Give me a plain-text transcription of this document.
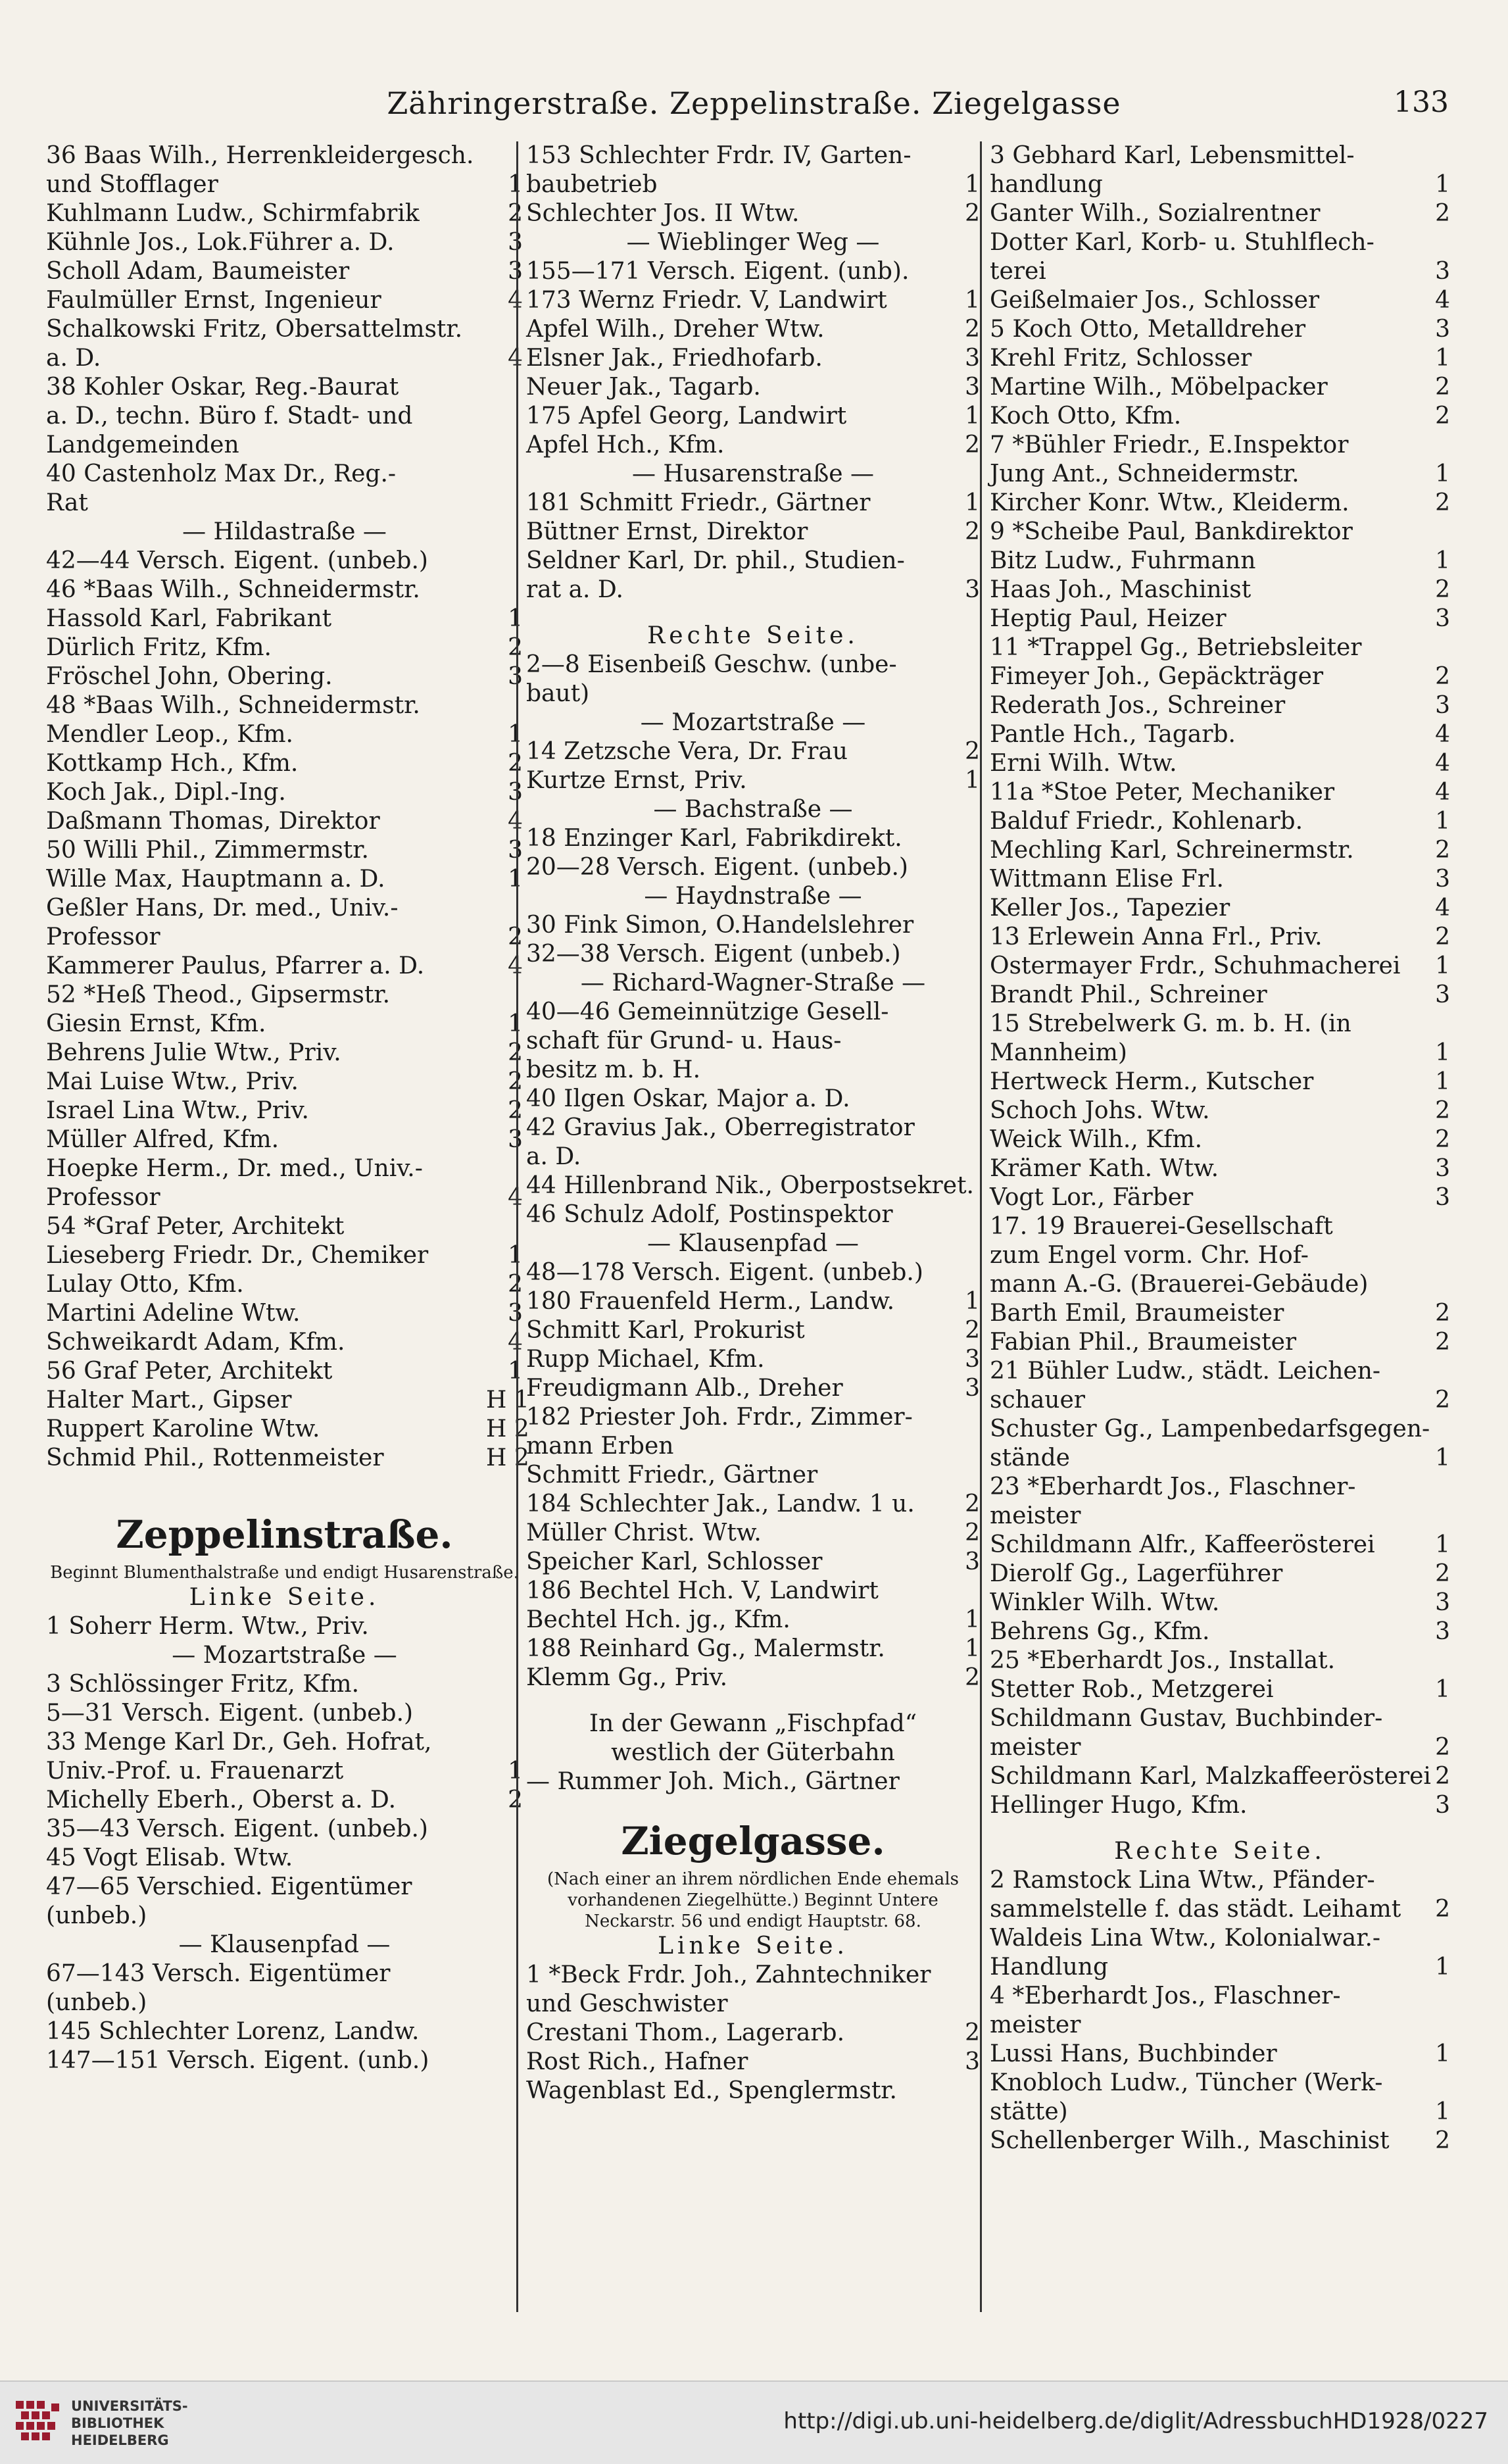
Zähringerstraße. Zeppelinstraße. Ziegelgasse	133
36 Baas Wilh., Herrenkleidergesch.
und Stofflager	1
Kuhlmann Ludw., Schirmfabrik	2
Kühnle Jos., Lok.Führer a. D.	3
Scholl Adam, Baumeister	3
Faulmüller Ernst, Ingenieur	4
Schalkowski Fritz, Obersattelmstr.
a. D.	4
38 Kohler Oskar, Reg.-Baurat
a. D., techn. Büro f. Stadt- und
Landgemeinden
40 Castenholz Max Dr., Reg.-
Rat
— Hildastraße —
42—44 Versch. Eigent. (unbeb.)
46 *Baas Wilh., Schneidermstr.
Hassold Karl, Fabrikant	1
Dürlich Fritz, Kfm.	2
Fröschel John, Obering.	3
48 *Baas Wilh., Schneidermstr.
Mendler Leop., Kfm.	1
Kottkamp Hch., Kfm.	2
Koch Jak., Dipl.-Ing.	3
Daßmann Thomas, Direktor	4
50 Willi Phil., Zimmermstr.	3
Wille Max, Hauptmann a. D.	1
Geßler Hans, Dr. med., Univ.-
Professor	2
Kammerer Paulus, Pfarrer a. D.	4
52 *Heß Theod., Gipsermstr.
Giesin Ernst, Kfm.	1
Behrens Julie Wtw., Priv.	2
Mai Luise Wtw., Priv.	2
Israel Lina Wtw., Priv.	2
Müller Alfred, Kfm.	3
Hoepke Herm., Dr. med., Univ.-
Professor	4
54 *Graf Peter, Architekt
Lieseberg Friedr. Dr., Chemiker	1
Lulay Otto, Kfm.	2
Martini Adeline Wtw.	3
Schweikardt Adam, Kfm.	4
56 Graf Peter, Architekt	1
Halter Mart., Gipser	H 1
Ruppert Karoline Wtw.	H 2
Schmid Phil., Rottenmeister	H 2
Zeppelinstraße.
Beginnt Blumenthalstraße und endigt Husarenstraße.
Linke Seite.
1 Soherr Herm. Wtw., Priv.
— Mozartstraße —
3 Schlössinger Fritz, Kfm.
5—31 Versch. Eigent. (unbeb.)
33 Menge Karl Dr., Geh. Hofrat,
Univ.-Prof. u. Frauenarzt	1
Michelly Eberh., Oberst a. D.	2
35—43 Versch. Eigent. (unbeb.)
45 Vogt Elisab. Wtw.
47—65 Verschied. Eigentümer
(unbeb.)
— Klausenpfad —
67—143 Versch. Eigentümer
(unbeb.)
145 Schlechter Lorenz, Landw.
147—151 Versch. Eigent. (unb.)
153 Schlechter Frdr. IV, Garten-
baubetrieb	1
Schlechter Jos. II Wtw.	2
— Wieblinger Weg —
155—171 Versch. Eigent. (unb).
173 Wernz Friedr. V, Landwirt	1
Apfel Wilh., Dreher Wtw.	2
Elsner Jak., Friedhofarb.	3
Neuer Jak., Tagarb.	3
175 Apfel Georg, Landwirt	1
Apfel Hch., Kfm.	2
— Husarenstraße —
181 Schmitt Friedr., Gärtner	1
Büttner Ernst, Direktor	2
Seldner Karl, Dr. phil., Studien-
rat a. D.	3
Rechte Seite.
2—8 Eisenbeiß Geschw. (unbe-
baut)
— Mozartstraße —
14 Zetzsche Vera, Dr. Frau	2
Kurtze Ernst, Priv.	1
— Bachstraße —
18 Enzinger Karl, Fabrikdirekt.
20—28 Versch. Eigent. (unbeb.)
— Haydnstraße —
30 Fink Simon, O.Handelslehrer
32—38 Versch. Eigent (unbeb.)
— Richard-Wagner-Straße —
40—46 Gemeinnützige Gesell-
schaft für Grund- u. Haus-
besitz m. b. H.
40 Ilgen Oskar, Major a. D.
42 Gravius Jak., Oberregistrator
a. D.
44 Hillenbrand Nik., Oberpostsekret.
46 Schulz Adolf, Postinspektor
— Klausenpfad —
48—178 Versch. Eigent. (unbeb.)
180 Frauenfeld Herm., Landw.	1
Schmitt Karl, Prokurist	2
Rupp Michael, Kfm.	3
Freudigmann Alb., Dreher	3
182 Priester Joh. Frdr., Zimmer-
mann Erben
Schmitt Friedr., Gärtner
184 Schlechter Jak., Landw. 1 u.	2
Müller Christ. Wtw.	2
Speicher Karl, Schlosser	3
186 Bechtel Hch. V, Landwirt
Bechtel Hch. jg., Kfm.	1
188 Reinhard Gg., Malermstr.	1
Klemm Gg., Priv.	2
In der Gewann „Fischpfad“
westlich der Güterbahn
— Rummer Joh. Mich., Gärtner
Ziegelgasse.
(Nach einer an ihrem nördlichen Ende ehemals vorhandenen Ziegelhütte.) Beginnt Untere Neckarstr. 56 und endigt Hauptstr. 68.
Linke Seite.
1 *Beck Frdr. Joh., Zahntechniker
und Geschwister
Crestani Thom., Lagerarb.	2
Rost Rich., Hafner	3
Wagenblast Ed., Spenglermstr.
3 Gebhard Karl, Lebensmittel-
handlung	1
Ganter Wilh., Sozialrentner	2
Dotter Karl, Korb- u. Stuhlflech-
terei	3
Geißelmaier Jos., Schlosser	4
5 Koch Otto, Metalldreher	3
Krehl Fritz, Schlosser	1
Martine Wilh., Möbelpacker	2
Koch Otto, Kfm.	2
7 *Bühler Friedr., E.Inspektor
Jung Ant., Schneidermstr.	1
Kircher Konr. Wtw., Kleiderm.	2
9 *Scheibe Paul, Bankdirektor
Bitz Ludw., Fuhrmann	1
Haas Joh., Maschinist	2
Heptig Paul, Heizer	3
11 *Trappel Gg., Betriebsleiter
Fimeyer Joh., Gepäckträger	2
Rederath Jos., Schreiner	3
Pantle Hch., Tagarb.	4
Erni Wilh. Wtw.	4
11a *Stoe Peter, Mechaniker	4
Balduf Friedr., Kohlenarb.	1
Mechling Karl, Schreinermstr.	2
Wittmann Elise Frl.	3
Keller Jos., Tapezier	4
13 Erlewein Anna Frl., Priv.	2
Ostermayer Frdr., Schuhmacherei	1
Brandt Phil., Schreiner	3
15 Strebelwerk G. m. b. H. (in
Mannheim)	1
Hertweck Herm., Kutscher	1
Schoch Johs. Wtw.	2
Weick Wilh., Kfm.	2
Krämer Kath. Wtw.	3
Vogt Lor., Färber	3
17. 19 Brauerei-Gesellschaft
zum Engel vorm. Chr. Hof-
mann A.-G. (Brauerei-Gebäude)
Barth Emil, Braumeister	2
Fabian Phil., Braumeister	2
21 Bühler Ludw., städt. Leichen-
schauer	2
Schuster Gg., Lampenbedarfsgegen-
stände	1
23 *Eberhardt Jos., Flaschner-
meister
Schildmann Alfr., Kaffeerösterei	1
Dierolf Gg., Lagerführer	2
Winkler Wilh. Wtw.	3
Behrens Gg., Kfm.	3
25 *Eberhardt Jos., Installat.
Stetter Rob., Metzgerei	1
Schildmann Gustav, Buchbinder-
meister	2
Schildmann Karl, Malzkaffeerösterei 2
Hellinger Hugo, Kfm.	3
Rechte Seite.
2 Ramstock Lina Wtw., Pfänder-
sammelstelle f. das städt. Leihamt	2
Waldeis Lina Wtw., Kolonialwar.-
Handlung	1
4 *Eberhardt Jos., Flaschner-
meister
Lussi Hans, Buchbinder	1
Knobloch Ludw., Tüncher (Werk-
stätte)	1
Schellenberger Wilh., Maschinist	2
UNIVERSITÄTS-
BIBLIOTHEK
HEIDELBERG
http://digi.ub.uni-heidelberg.de/diglit/AdressbuchHD1928/0227
